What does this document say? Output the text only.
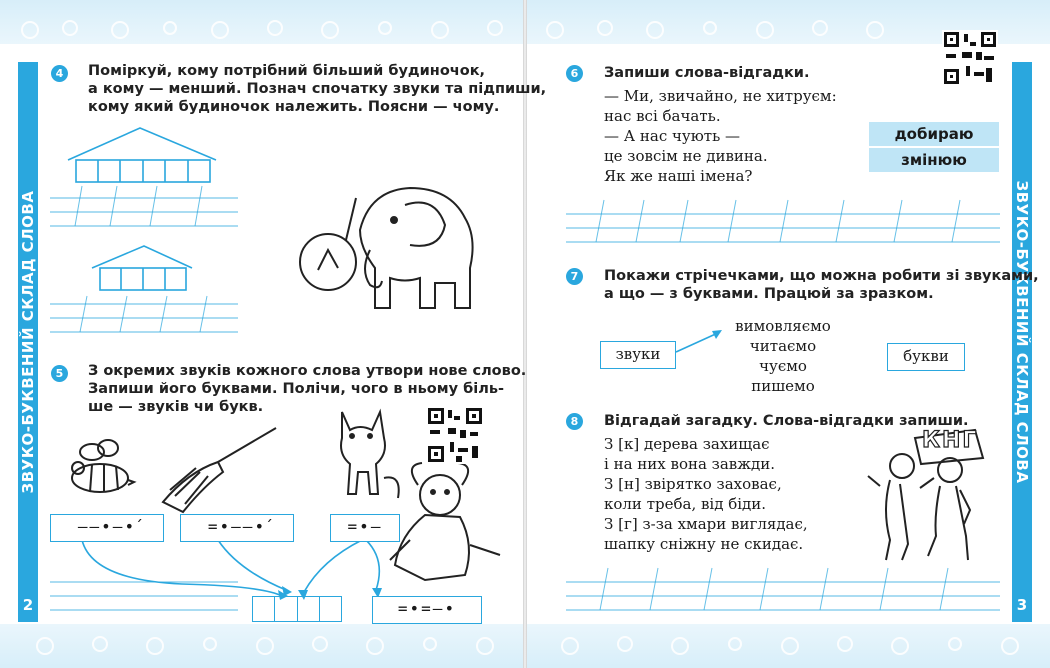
ЗВУКО-БУКВЕНИЙ СКЛАД СЛОВА	ЗВУКО-БУКВЕНИЙ СКЛАД СЛОВА
2	3
4	Поміркуй, кому потрібний більший будиночок,
а кому — менший. Познач спочатку звуки та підпиши,
кому який будиночок належить. Поясни — чому.
5	З окремих звуків кожного слова утвори нове слово.
Запиши його буквами. Полічи, чого в ньому біль-
ше — звуків чи букв.
——•—•́	=•——•́	=•—
=•=—•
6	Запиши слова-відгадки.
— Ми, звичайно, не хитруєм:
нас всі бачать.
— А нас чують —
це зовсім не дивина.
Як же наші імена?
добираю
змінюю
7	Покажи стрічечками, що можна робити зі звуками,
а що — з буквами. Працюй за зразком.
звуки
вимовляємо
читаємо
чуємо
пишемо
букви
8	Відгадай загадку. Слова-відгадки запиши.
З [к] дерева захищає
і на них вона завжди.
З [н] звірятко заховає,
коли треба, від біди.
З [г] з-за хмари виглядає,
шапку сніжну не скидає.
КНГ
